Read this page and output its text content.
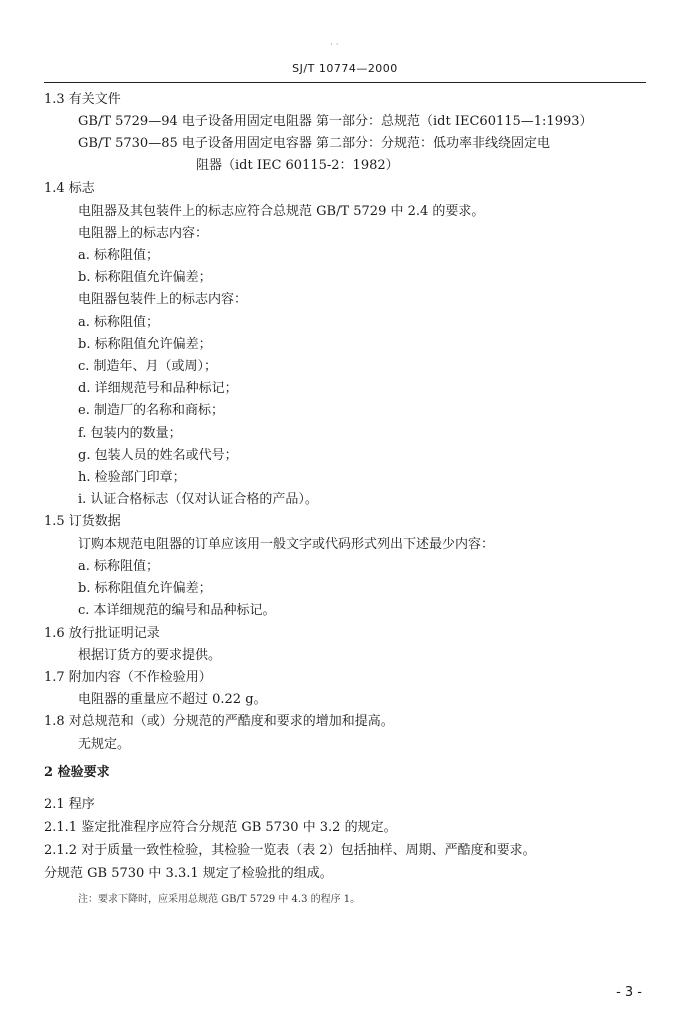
· ·
SJ/T 10774—2000
1.3 有关文件
GB/T 5729—94 电子设备用固定电阻器 第一部分：总规范（idt IEC60115—1:1993）
GB/T 5730—85 电子设备用固定电容器 第二部分：分规范：低功率非线绕固定电
阻器（idt IEC 60115-2：1982）
1.4 标志
电阻器及其包装件上的标志应符合总规范 GB/T 5729 中 2.4 的要求。
电阻器上的标志内容：
a. 标称阻值；
b. 标称阻值允许偏差；
电阻器包装件上的标志内容：
a. 标称阻值；
b. 标称阻值允许偏差；
c. 制造年、月（或周）；
d. 详细规范号和品种标记；
e. 制造厂的名称和商标；
f. 包装内的数量；
g. 包装人员的姓名或代号；
h. 检验部门印章；
i. 认证合格标志（仅对认证合格的产品）。
1.5 订货数据
订购本规范电阻器的订单应该用一般文字或代码形式列出下述最少内容：
a. 标称阻值；
b. 标称阻值允许偏差；
c. 本详细规范的编号和品种标记。
1.6 放行批证明记录
根据订货方的要求提供。
1.7 附加内容（不作检验用）
电阻器的重量应不超过 0.22 g。
1.8 对总规范和（或）分规范的严酷度和要求的增加和提高。
无规定。
2 检验要求
2.1 程序
2.1.1 鉴定批准程序应符合分规范 GB 5730 中 3.2 的规定。
2.1.2 对于质量一致性检验，其检验一览表（表 2）包括抽样、周期、严酷度和要求。
分规范 GB 5730 中 3.3.1 规定了检验批的组成。
注：要求下降时，应采用总规范 GB/T 5729 中 4.3 的程序 1。
- 3 -
